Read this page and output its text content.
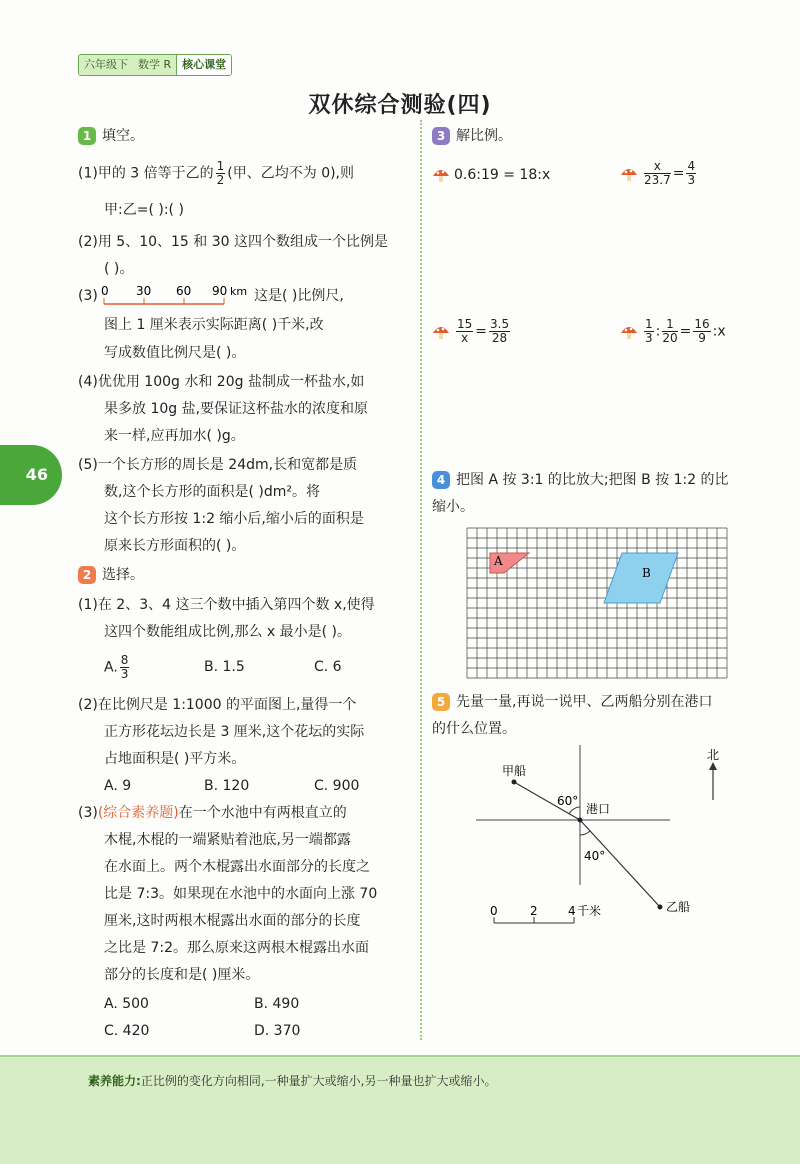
六年级下 数学 R	核心课堂
双休综合测验(四)
46
1 填空。
(1)甲的 3 倍等于乙的 $\frac{1}{2}$ (甲、乙均不为 0),则
甲:乙=( ):( )
(2)用 5、10、15 和 30 这四个数组成一个比例是
( )。
(3) 0 30 60 90 km 这是( )比例尺,
图上 1 厘米表示实际距离( )千米,改
写成数值比例尺是( )。
(4)优优用 100g 水和 20g 盐制成一杯盐水,如
果多放 10g 盐,要保证这杯盐水的浓度和原
来一样,应再加水( )g。
(5)一个长方形的周长是 24dm,长和宽都是质
数,这个长方形的面积是( )dm²。将
这个长方形按 1:2 缩小后,缩小后的面积是
原来长方形面积的( )。
2 选择。
(1)在 2、3、4 这三个数中插入第四个数 x,使得
这四个数能组成比例,那么 x 最小是( )。
A. $\frac{8}{3}$	B. 1.5	C. 6
(2)在比例尺是 1:1000 的平面图上,量得一个
正方形花坛边长是 3 厘米,这个花坛的实际
占地面积是( )平方米。
A. 9	B. 120	C. 900
(3)(综合素养题)在一个水池中有两根直立的
木棍,木棍的一端紧贴着池底,另一端都露
在水面上。两个木棍露出水面部分的长度之
比是 7:3。如果现在水池中的水面向上涨 70
厘米,这时两根木棍露出水面的部分的长度
之比是 7:2。那么原来这两根木棍露出水面
部分的长度和是( )厘米。
A. 500	B. 490
C. 420	D. 370
3 解比例。
0.6:19 = 18:x	$\frac{x}{23.7} = \frac{4}{3}$
$\frac{15}{x} = \frac{3.5}{28}$	$\frac{1}{3}$ : $\frac{1}{20} = \frac{16}{9}$ :x
4 把图 A 按 3:1 的比放大;把图 B 按 1:2 的比
缩小。
A
B
5 先量一量,再说一说甲、乙两船分别在港口
的什么位置。
北
甲船
乙船
港口
60°
40°
0	2	4 千米
素养能力:正比例的变化方向相同,一种量扩大或缩小,另一种量也扩大或缩小。
